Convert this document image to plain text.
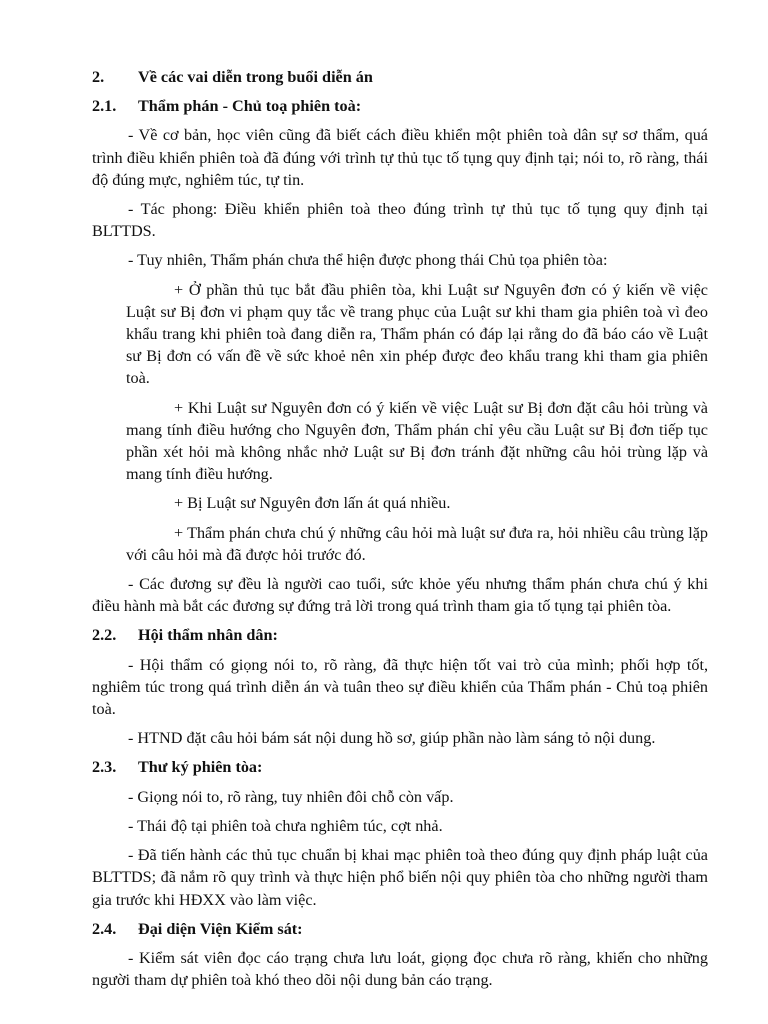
2. Về các vai diễn trong buổi diễn án
2.1. Thẩm phán - Chủ toạ phiên toà:

- Về cơ bản, học viên cũng đã biết cách điều khiển một phiên toà dân sự sơ thẩm, quá trình điều khiển phiên toà đã đúng với trình tự thủ tục tố tụng quy định tại; nói to, rõ ràng, thái độ đúng mực, nghiêm túc, tự tin.

- Tác phong: Điều khiển phiên toà theo đúng trình tự thủ tục tố tụng quy định tại BLTTDS.

- Tuy nhiên, Thẩm phán chưa thể hiện được phong thái Chủ tọa phiên tòa:

+ Ở phần thủ tục bắt đầu phiên tòa, khi Luật sư Nguyên đơn có ý kiến về việc Luật sư Bị đơn vi phạm quy tắc về trang phục của Luật sư khi tham gia phiên toà vì đeo khẩu trang khi phiên toà đang diễn ra, Thẩm phán có đáp lại rằng do đã báo cáo về Luật sư Bị đơn có vấn đề về sức khoẻ nên xin phép được đeo khẩu trang khi tham gia phiên toà.

+ Khi Luật sư Nguyên đơn có ý kiến về việc Luật sư Bị đơn đặt câu hỏi trùng và mang tính điều hướng cho Nguyên đơn, Thẩm phán chỉ yêu cầu Luật sư Bị đơn tiếp tục phần xét hỏi mà không nhắc nhở Luật sư Bị đơn tránh đặt những câu hỏi trùng lặp và mang tính điều hướng.

+ Bị Luật sư Nguyên đơn lấn át quá nhiều.

+ Thẩm phán chưa chú ý những câu hỏi mà luật sư đưa ra, hỏi nhiều câu trùng lặp với câu hỏi mà đã được hỏi trước đó.

- Các đương sự đều là người cao tuổi, sức khỏe yếu nhưng thẩm phán chưa chú ý khi điều hành mà bắt các đương sự đứng trả lời trong quá trình tham gia tố tụng tại phiên tòa.

2.2. Hội thẩm nhân dân:

- Hội thẩm có giọng nói to, rõ ràng, đã thực hiện tốt vai trò của mình; phối hợp tốt, nghiêm túc trong quá trình diễn án và tuân theo sự điều khiển của Thẩm phán - Chủ toạ phiên toà.

- HTND đặt câu hỏi bám sát nội dung hồ sơ, giúp phần nào làm sáng tỏ nội dung.

2.3. Thư ký phiên tòa:

- Giọng nói to, rõ ràng, tuy nhiên đôi chỗ còn vấp.

- Thái độ tại phiên toà chưa nghiêm túc, cợt nhả.

- Đã tiến hành các thủ tục chuẩn bị khai mạc phiên toà theo đúng quy định pháp luật của BLTTDS; đã nắm rõ quy trình và thực hiện phổ biến nội quy phiên tòa cho những người tham gia trước khi HĐXX vào làm việc.

2.4. Đại diện Viện Kiểm sát:

- Kiểm sát viên đọc cáo trạng chưa lưu loát, giọng đọc chưa rõ ràng, khiến cho những người tham dự phiên toà khó theo dõi nội dung bản cáo trạng.
